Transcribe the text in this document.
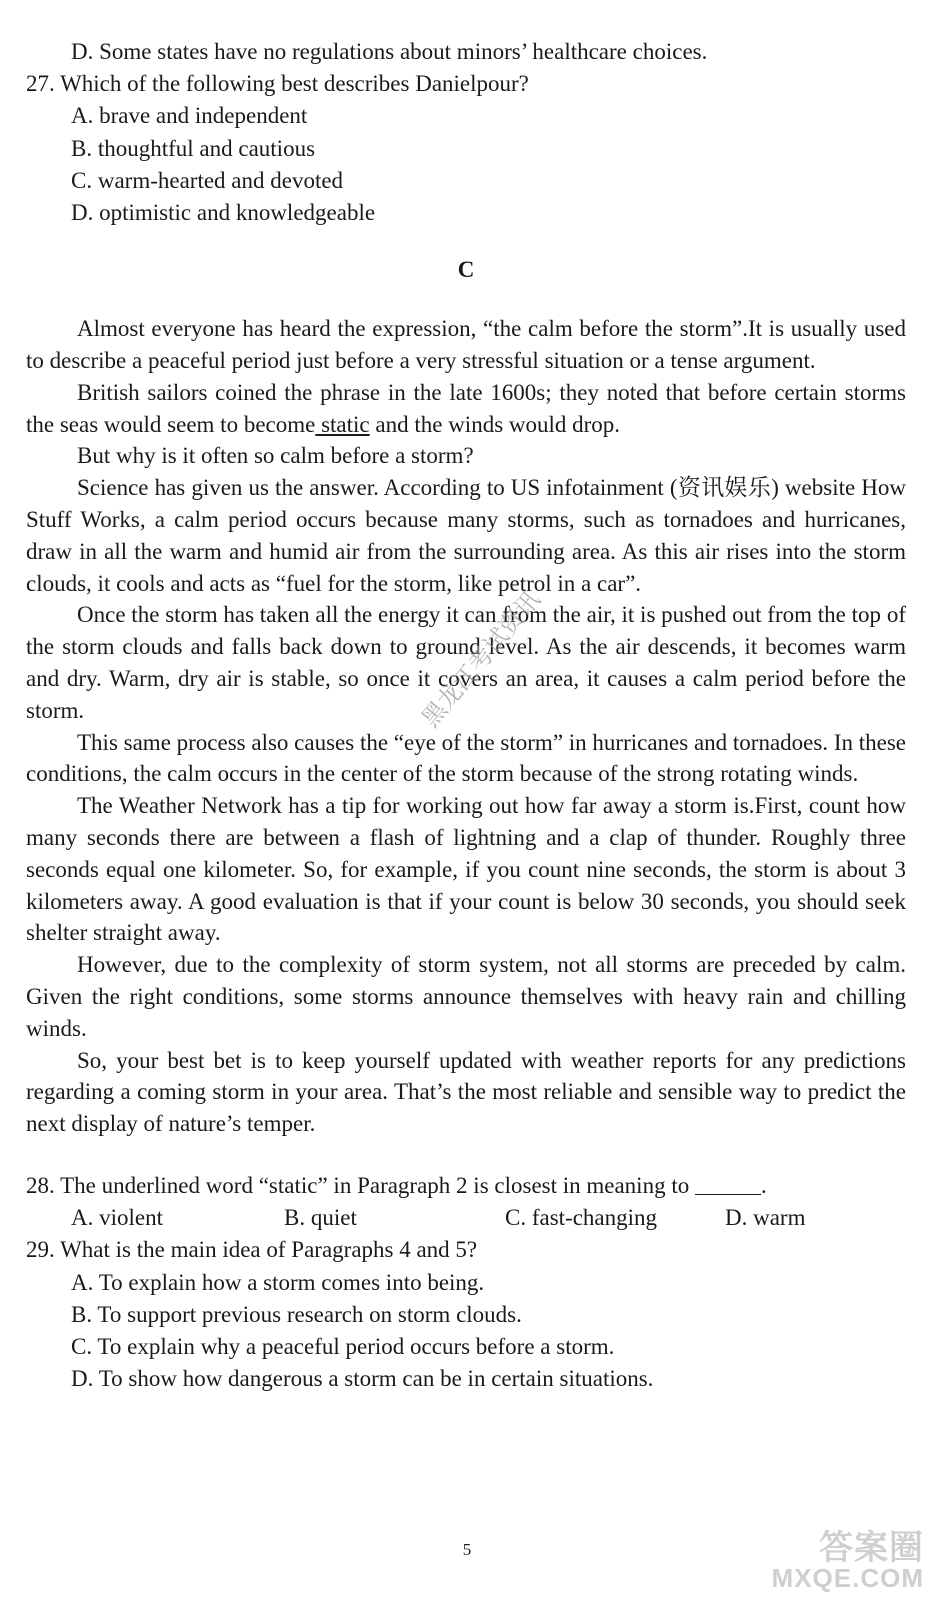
D. Some states have no regulations about minors’ healthcare choices.

27. Which of the following best describes Danielpour?

A. brave and independent

B. thoughtful and cautious

C. warm-hearted and devoted

D. optimistic and knowledgeable

C

Almost everyone has heard the expression, “the calm before the storm”.It is usually used to describe a peaceful period just before a very stressful situation or a tense argument.

British sailors coined the phrase in the late 1600s; they noted that before certain storms the seas would seem to become static and the winds would drop.

But why is it often so calm before a storm?

Science has given us the answer. According to US infotainment (资讯娱乐) website How Stuff Works, a calm period occurs because many storms, such as tornadoes and hurricanes, draw in all the warm and humid air from the surrounding area. As this air rises into the storm clouds, it cools and acts as “fuel for the storm, like petrol in a car”.

Once the storm has taken all the energy it can from the air, it is pushed out from the top of the storm clouds and falls back down to ground level. As the air descends, it becomes warm and dry. Warm, dry air is stable, so once it covers an area, it causes a calm period before the storm.

This same process also causes the “eye of the storm” in hurricanes and tornadoes. In these conditions, the calm occurs in the center of the storm because of the strong rotating winds.

The Weather Network has a tip for working out how far away a storm is.First, count how many seconds there are between a flash of lightning and a clap of thunder. Roughly three seconds equal one kilometer. So, for example, if you count nine seconds, the storm is about 3 kilometers away. A good evaluation is that if your count is below 30 seconds, you should seek shelter straight away.

However, due to the complexity of storm system, not all storms are preceded by calm. Given the right conditions, some storms announce themselves with heavy rain and chilling winds.

So, your best bet is to keep yourself updated with weather reports for any predictions regarding a coming storm in your area. That’s the most reliable and sensible way to predict the next display of nature’s temper.

28. The underlined word “static” in Paragraph 2 is closest in meaning to	.

A. violent	B. quiet	C. fast-changing	D. warm

29. What is the main idea of Paragraphs 4 and 5?

A. To explain how a storm comes into being.

B. To support previous research on storm clouds.

C. To explain why a peaceful period occurs before a storm.

D. To show how dangerous a storm can be in certain situations.

黑龙江考试资讯
5	答案圈
MXQE.COM
